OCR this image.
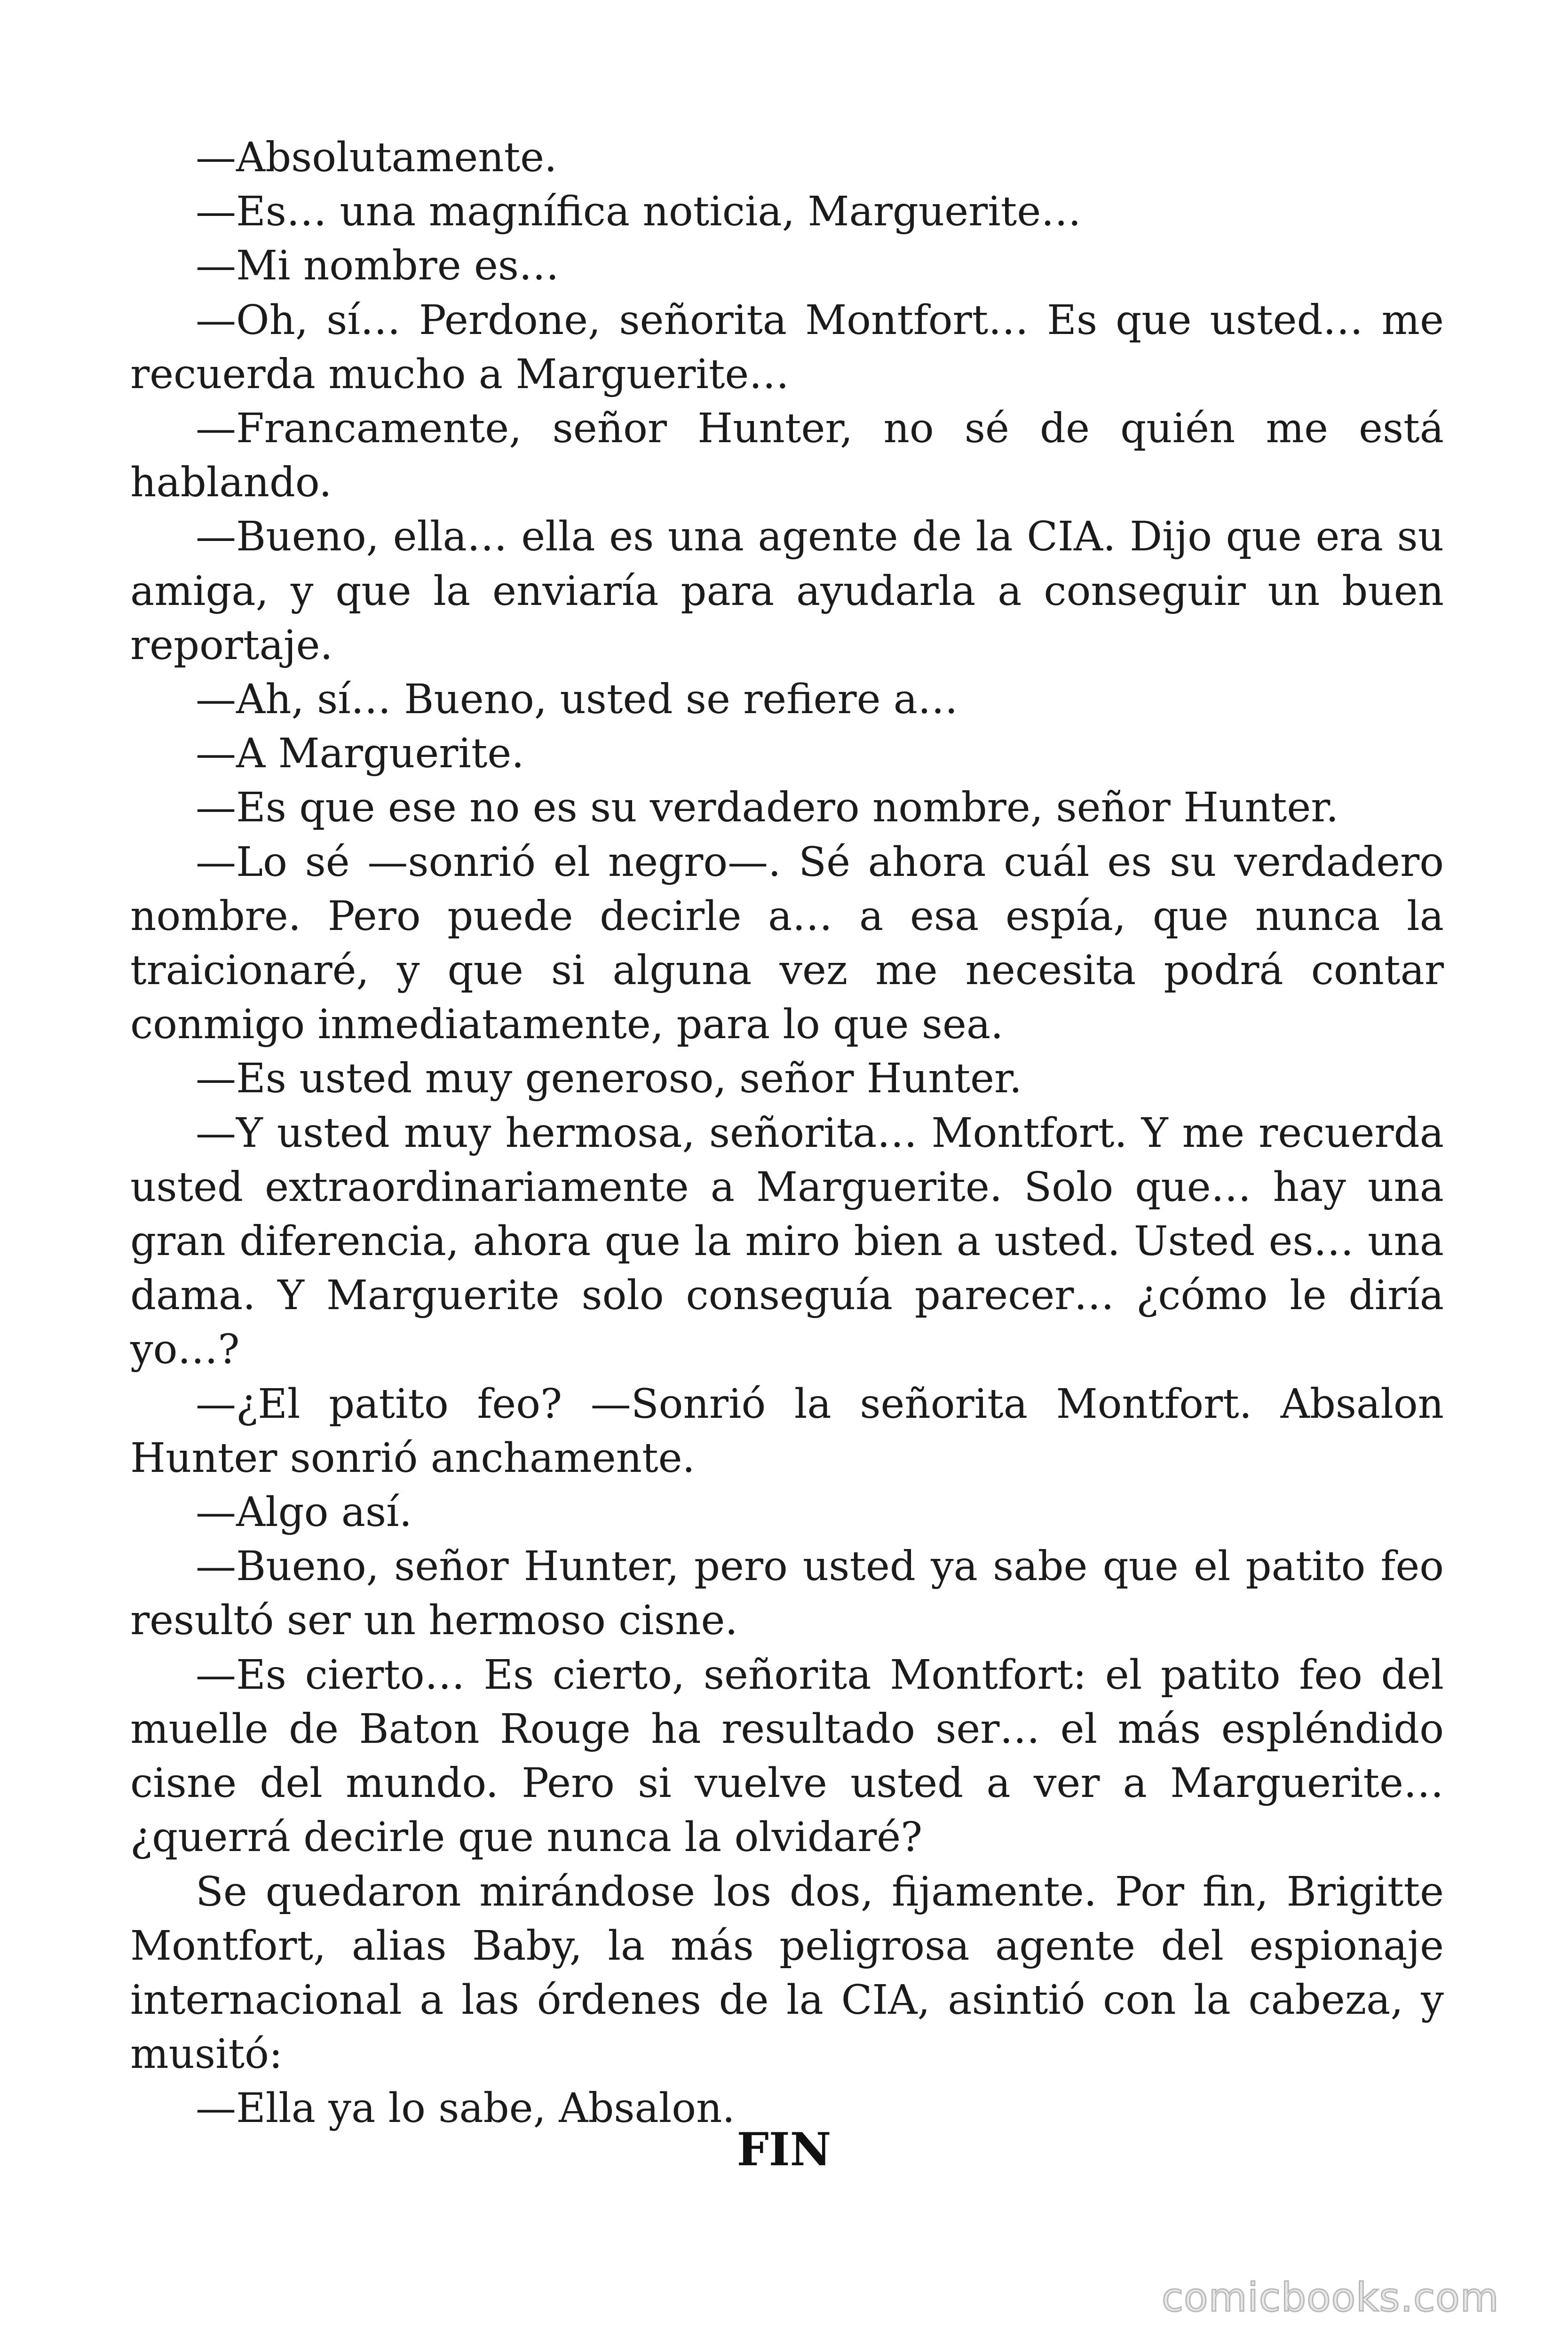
—Absolutamente.

—Es… una magnífica noticia, Marguerite…

—Mi nombre es…

—Oh, sí… Perdone, señorita Montfort… Es que usted… me recuerda mucho a Marguerite…

—Francamente, señor Hunter, no sé de quién me está hablando.

—Bueno, ella… ella es una agente de la CIA. Dijo que era su amiga, y que la enviaría para ayudarla a conseguir un buen reportaje.

—Ah, sí… Bueno, usted se refiere a…

—A Marguerite.

—Es que ese no es su verdadero nombre, señor Hunter.

—Lo sé —sonrió el negro—. Sé ahora cuál es su verdadero nombre. Pero puede decirle a… a esa espía, que nunca la traicionaré, y que si alguna vez me necesita podrá contar conmigo inmediatamente, para lo que sea.

—Es usted muy generoso, señor Hunter.

—Y usted muy hermosa, señorita… Montfort. Y me recuerda usted extraordinariamente a Marguerite. Solo que… hay una gran diferencia, ahora que la miro bien a usted. Usted es… una dama. Y Marguerite solo conseguía parecer… ¿cómo le diría yo…?

—¿El patito feo? —Sonrió la señorita Montfort. Absalon Hunter sonrió anchamente.

—Algo así.

—Bueno, señor Hunter, pero usted ya sabe que el patito feo resultó ser un hermoso cisne.

—Es cierto… Es cierto, señorita Montfort: el patito feo del muelle de Baton Rouge ha resultado ser… el más espléndido cisne del mundo. Pero si vuelve usted a ver a Marguerite… ¿querrá decirle que nunca la olvidaré?

Se quedaron mirándose los dos, fijamente. Por fin, Brigitte Montfort, alias Baby, la más peligrosa agente del espionaje internacional a las órdenes de la CIA, asintió con la cabeza, y musitó:

—Ella ya lo sabe, Absalon.

FIN

comicbooks.com
